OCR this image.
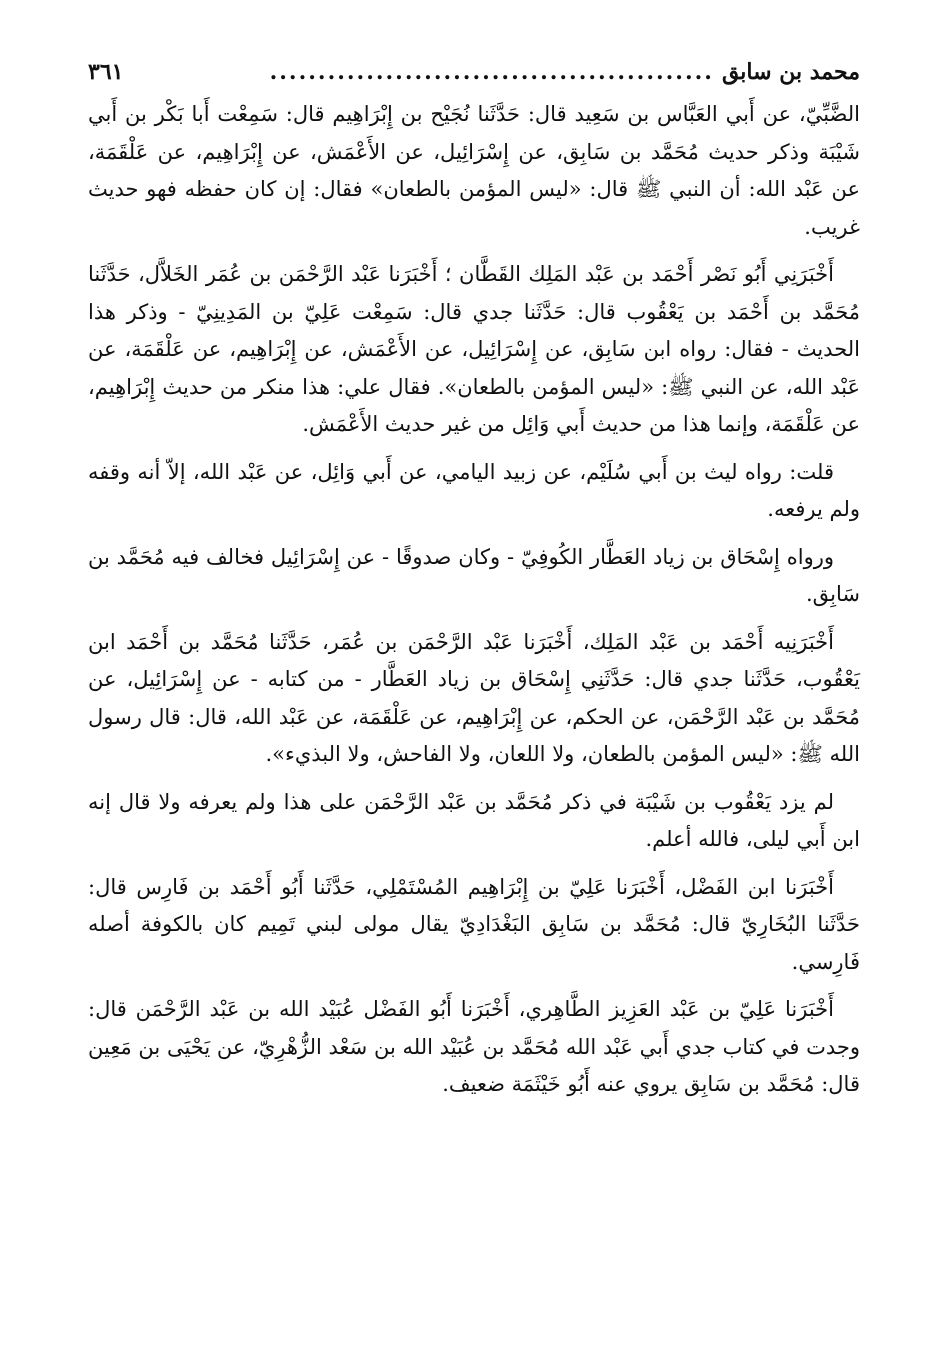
محمد بن سابق
..............................................
٣٦١

الضَّبِّيّ، عن أَبي العَبَّاس بن سَعِيد قال: حَدَّثَنا نُجَيْح بن إِبْرَاهِيم قال: سَمِعْت أَبا بَكْر بن أَبي شَيْبَة وذكر حديث مُحَمَّد بن سَابِق، عن إِسْرَائِيل، عن الأَعْمَش، عن إِبْرَاهِيم، عن عَلْقَمَة، عن عَبْد الله: أن النبي ﷺ قال: «ليس المؤمن بالطعان» فقال: إن كان حفظه فهو حديث غريب.

أَخْبَرَنِي أَبُو نَصْر أَحْمَد بن عَبْد المَلِك القَطَّان ؛ أَخْبَرَنا عَبْد الرَّحْمَن بن عُمَر الخَلاَّل، حَدَّثَنا مُحَمَّد بن أَحْمَد بن يَعْقُوب قال: حَدَّثَنا جدي قال: سَمِعْت عَلِيّ بن المَدِينِيّ - وذكر هذا الحديث - فقال: رواه ابن سَابِق، عن إِسْرَائِيل، عن الأَعْمَش، عن إِبْرَاهِيم، عن عَلْقَمَة، عن عَبْد الله، عن النبي ﷺ: «ليس المؤمن بالطعان». فقال علي: هذا منكر من حديث إِبْرَاهِيم، عن عَلْقَمَة، وإنما هذا من حديث أَبي وَائِل من غير حديث الأَعْمَش.

قلت: رواه ليث بن أَبي سُلَيْم، عن زبيد اليامي، عن أَبي وَائِل، عن عَبْد الله، إلاّ أنه وقفه ولم يرفعه.

ورواه إِسْحَاق بن زياد العَطَّار الكُوفِيّ - وكان صدوقًا - عن إِسْرَائِيل فخالف فيه مُحَمَّد بن سَابِق.

أَخْبَرَنِيه أَحْمَد بن عَبْد المَلِك، أَخْبَرَنا عَبْد الرَّحْمَن بن عُمَر، حَدَّثَنا مُحَمَّد بن أَحْمَد ابن يَعْقُوب، حَدَّثَنا جدي قال: حَدَّثَنِي إِسْحَاق بن زياد العَطَّار - من كتابه - عن إِسْرَائِيل، عن مُحَمَّد بن عَبْد الرَّحْمَن، عن الحكم، عن إِبْرَاهِيم، عن عَلْقَمَة، عن عَبْد الله، قال: قال رسول الله ﷺ: «ليس المؤمن بالطعان، ولا اللعان، ولا الفاحش، ولا البذيء».

لم يزد يَعْقُوب بن شَيْبَة في ذكر مُحَمَّد بن عَبْد الرَّحْمَن على هذا ولم يعرفه ولا قال إنه ابن أَبي ليلى، فالله أعلم.

أَخْبَرَنا ابن الفَضْل، أَخْبَرَنا عَلِيّ بن إِبْرَاهِيم المُسْتَمْلِي، حَدَّثَنا أَبُو أَحْمَد بن فَارِس قال: حَدَّثَنا البُخَارِيّ قال: مُحَمَّد بن سَابِق البَغْدَادِيّ يقال مولى لبني تَمِيم كان بالكوفة أصله فَارِسي.

أَخْبَرَنا عَلِيّ بن عَبْد العَزِيز الطَّاهِري، أَخْبَرَنا أَبُو الفَضْل عُبَيْد الله بن عَبْد الرَّحْمَن قال: وجدت في كتاب جدي أَبي عَبْد الله مُحَمَّد بن عُبَيْد الله بن سَعْد الزُّهْرِيّ، عن يَحْيَى بن مَعِين قال: مُحَمَّد بن سَابِق يروي عنه أَبُو خَيْثَمَة ضعيف.
